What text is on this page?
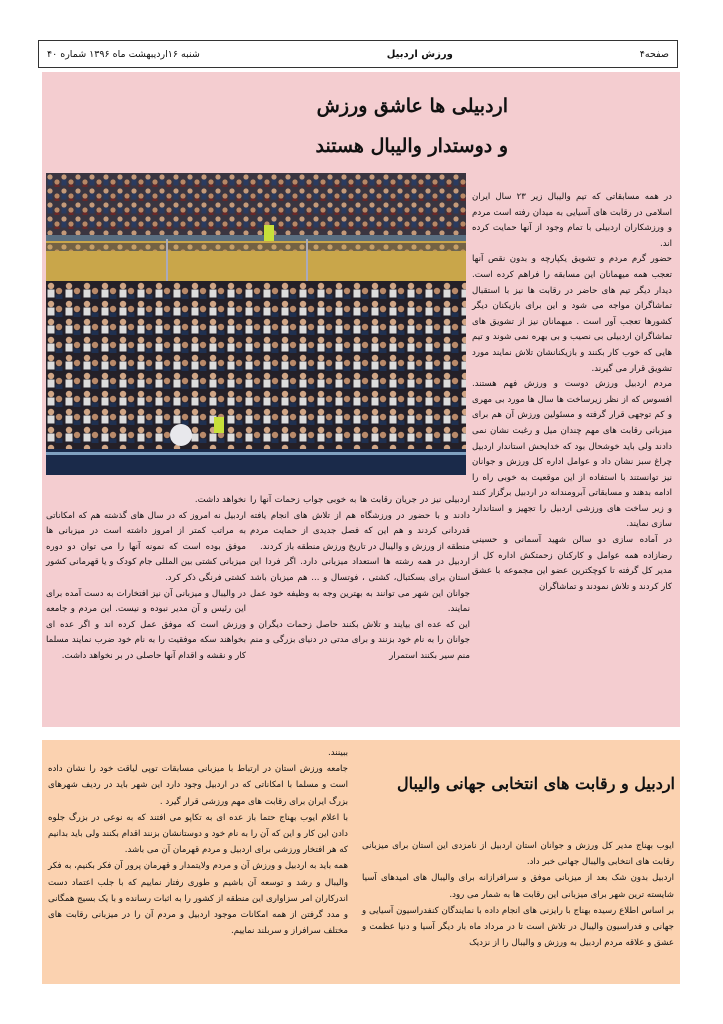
صفحه۴
ورزش اردبیل
شنبه ۱۶اردیبهشت ماه ۱۳۹۶ شماره ۴۰
اردبیلی ها عاشق ورزش
و دوستدار والیبال هستند

در همه مسابقاتی که تیم والیبال زیر ۲۳ سال ایران اسلامی در رقابت های آسیایی به میدان رفته است مردم و ورزشکاران اردبیلی با تمام وجود از آنها حمایت کرده اند.

حضور گرم مردم و تشویق یکپارچه و بدون نقص آنها تعجب همه میهمانان این مسابقه را فراهم کرده است. دیدار دیگر تیم های حاضر در رقابت ها نیز با استقبال تماشاگران مواجه می شود و این برای بازیکنان دیگر کشورها تعجب آور است . میهمانان نیز از تشویق های تماشاگران اردبیلی بی نصیب و بی بهره نمی شوند و تیم هایی که خوب کار بکنند و بازیکنانشان تلاش نمایند مورد تشویق قرار می گیرند.

مردم اردبیل ورزش دوست و ورزش فهم هستند. افسوس که از نظر زیرساخت ها سال ها مورد بی مهری و کم توجهی قرار گرفته و مسئولین ورزش آن هم برای میزبانی رقابت های مهم چندان میل و رغبت نشان نمی دادند ولی باید خوشحال بود که خدایحش استاندار اردبیل چراغ سبز نشان داد و عوامل اداره کل ورزش و جوانان نیز توانستند با استفاده از این موقعیت به خوبی راه را ادامه بدهند و مسابقاتی آبرومندانه در اردبیل برگزار کنند و زیر ساخت های ورزشی اردبیل را تجهیز و استاندارد سازی نمایند.

در آماده سازی دو سالن شهید آسمانی و حسینی رضازاده همه عوامل و کارکنان زحمتکش اداره کل از مدیر کل گرفته تا کوچکترین عضو این مجموعه با عشق کار کردند و تلاش نمودند و تماشاگران

اردبیلی نیز در جریان رقابت ها به خوبی جواب زحمات آنها را دادند و با حضور در ورزشگاه هم از تلاش های انجام یافته قدردانی کردند و هم این که فصل جدیدی از حمایت مردم منطقه از ورزش و والیبال در تاریخ ورزش منطقه باز کردند.

اردبیل در همه رشته ها استعداد میزبانی دارد. اگر فردا این استان برای بسکتبال، کشتی ، فوتسال و ... هم میزبان باشد جوانان این شهر می توانند به بهترین وجه به وظیفه خود عمل نمایند.

این که عده ای بیایند و تلاش بکنند حاصل زحمات دیگران و جوانان را به نام خود بزنند و برای مدتی در دنیای بزرگی و منم منم سیر بکنند استمرار

نخواهد داشت.

اردبیل نه امروز که در سال های گذشته هم که امکاناتی به مراتب کمتر از امروز داشته است در میزبانی ها موفق بوده است که نمونه آنها را می توان دو دوره میزبانی کشتی بین المللی جام کودک و یا قهرمانی کشور کشتی فرنگی ذکر کرد.

در والیبال و میزبانی آن نیز افتخارات به دست آمده برای این رئیس و آن مدیر نبوده و نیست. این مردم و جامعه ورزش است که موفق عمل کرده اند و اگر عده ای بخواهند سکه موفقیت را به نام خود ضرب نمایند مسلما کار و نقشه و اقدام آنها حاصلی در بر نخواهد داشت.

اردبیل و رقابت های انتخابی جهانی والیبال

ایوب بهناج مدیر کل ورزش و جوانان استان اردبیل از نامزدی این استان برای میزبانی رقابت های انتخابی والیبال جهانی خبر داد.

اردبیل بدون شک بعد از میزبانی موفق و سرافرازانه برای والیبال های امیدهای آسیا شایسته ترین شهر برای میزبانی این رقابت ها به شمار می رود.

بر اساس اطلاع رسیده بهناج با رایزنی های انجام داده با نمایندگان کنفدراسیون آسیایی و جهانی و فدراسیون والیبال در تلاش است تا در مرداد ماه بار دیگر آسیا و دنیا عظمت و عشق و علاقه مردم اردبیل به ورزش و والیبال را از نزدیک

ببینند.

جامعه ورزش استان در ارتباط با میزبانی مسابقات توپی لیاقت خود را نشان داده است و مسلما با امکاناتی که در اردبیل وجود دارد این شهر باید در ردیف شهرهای بزرگ ایران برای رقابت های مهم ورزشی قرار گیرد .

با اعلام ایوب بهناج حتما باز عده ای به تکاپو می افتند که به نوعی در بزرگ جلوه دادن این کار و این که آن را به نام خود و دوستانشان بزنند اقدام بکنند ولی باید بدانیم که هر افتخار ورزشی برای اردبیل و مردم قهرمان آن می باشد.

همه باید به اردبیل و ورزش آن و مردم ولایتمدار و قهرمان پرور آن فکر بکنیم، به فکر والیبال و رشد و توسعه آن باشیم و طوری رفتار نماییم که با جلب اعتماد دست اندرکاران امر سزاواری این منطقه از کشور را به اثبات رسانده و با یک بسیج همگانی و مدد گرفتن از همه امکانات موجود اردبیل و مردم آن را در میزبانی رقابت های مختلف سرافراز و سربلند نماییم.
